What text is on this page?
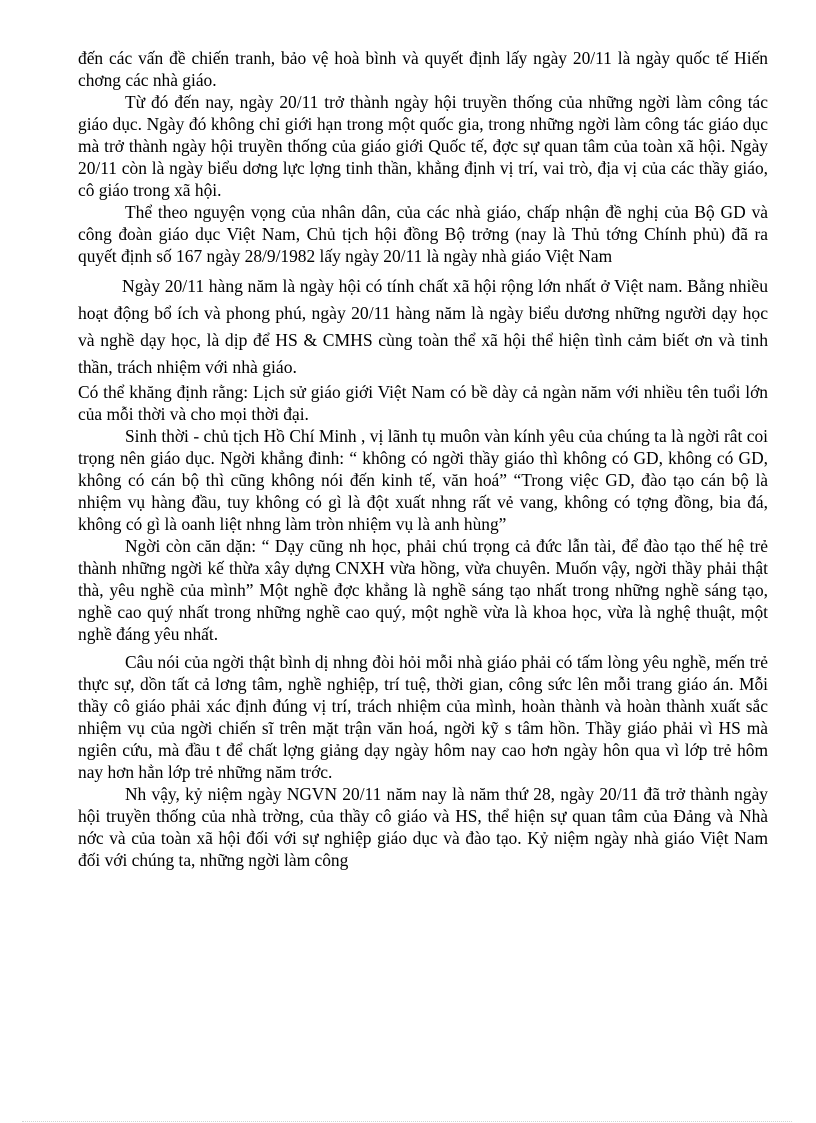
đến các vấn đề chiến tranh, bảo vệ hoà bình và quyết định lấy ngày 20/11 là ngày quốc tế Hiến chơng các nhà giáo.

Từ đó đến nay, ngày 20/11 trở thành ngày hội truyền thống của những ngời làm công tác giáo dục. Ngày đó không chỉ giới hạn trong một quốc gia, trong những ngời làm công tác giáo dục mà trở thành ngày hội truyền thống của giáo giới Quốc tế, đợc sự quan tâm của toàn xã hội. Ngày 20/11 còn là ngày biểu dơng lực lợng tinh thần, khẳng định vị trí, vai trò, địa vị của các thầy giáo, cô giáo trong xã hội.

Thể theo nguyện vọng của nhân dân, của các nhà giáo, chấp nhận đề nghị của Bộ GD và công đoàn giáo dục Việt Nam, Chủ tịch hội đồng Bộ trởng (nay là Thủ tớng Chính phủ) đã ra quyết định số 167 ngày 28/9/1982 lấy ngày 20/11 là ngày nhà giáo Việt Nam

Ngày 20/11 hàng năm là ngày hội có tính chất xã hội rộng lớn nhất ở Việt nam. Bằng nhiều hoạt động bổ ích và phong phú, ngày 20/11 hàng năm là ngày biểu dương những người dạy học và nghề dạy học, là dịp để HS & CMHS cùng toàn thể xã hội thể hiện tình cảm biết ơn và tinh thần, trách nhiệm với nhà giáo.

Có thể khăng định rằng: Lịch sử giáo giới Việt Nam có bề dày cả ngàn năm với nhiều tên tuổi lớn của mỗi thời và cho mọi thời đại.

Sinh thời - chủ tịch Hồ Chí Minh , vị lãnh tụ muôn vàn kính yêu của chúng ta là ngời rât coi trọng nên giáo dục. Ngời khẳng đinh: “ không có ngời thầy giáo thì không có GD, không có GD, không có cán bộ thì cũng không nói đến kinh tế, văn hoá” “Trong việc GD, đào tạo cán bộ là nhiệm vụ hàng đầu, tuy không có gì là đột xuất nhng rất vẻ vang, không có tợng đồng, bia đá, không có gì là oanh liệt nhng làm tròn nhiệm vụ là anh hùng”

Ngời còn căn dặn: “ Dạy cũng nh học, phải chú trọng cả đức lẫn tài, để đào tạo thế hệ trẻ thành những ngời kế thừa xây dựng CNXH vừa hồng, vừa chuyên. Muốn vậy, ngời thầy phải thật thà, yêu nghề của mình” Một nghề đợc khẳng là nghề sáng tạo nhất trong những nghề sáng tạo, nghề cao quý nhất trong những nghề cao quý, một nghề vừa là khoa học, vừa là nghệ thuật, một nghề đáng yêu nhất.

Câu nói của ngời thật bình dị nhng đòi hỏi mỗi nhà giáo phải có tấm lòng yêu nghề, mến trẻ thực sự, dồn tất cả lơng tâm, nghề nghiệp, trí tuệ, thời gian, công sức lên mỗi trang giáo án. Mỗi thầy cô giáo phải xác định đúng vị trí, trách nhiệm của mình, hoàn thành và hoàn thành xuất sắc nhiệm vụ của ngời chiến sĩ trên mặt trận văn hoá, ngời kỹ s tâm hồn. Thầy giáo phải vì HS mà ngiên cứu, mà đầu t để chất lợng giảng dạy ngày hôm nay cao hơn ngày hôn qua vì lớp trẻ hôm nay hơn hẳn lớp trẻ những năm trớc.

Nh vậy, kỷ niệm ngày NGVN 20/11 năm nay là năm thứ 28, ngày 20/11 đã trở thành ngày hội truyền thống của nhà trờng, của thầy cô giáo và HS, thể hiện sự quan tâm của Đảng và Nhà nớc và của toàn xã hội đối với sự nghiệp giáo dục và đào tạo. Kỷ niệm ngày nhà giáo Việt Nam đối với chúng ta, những ngời làm công
